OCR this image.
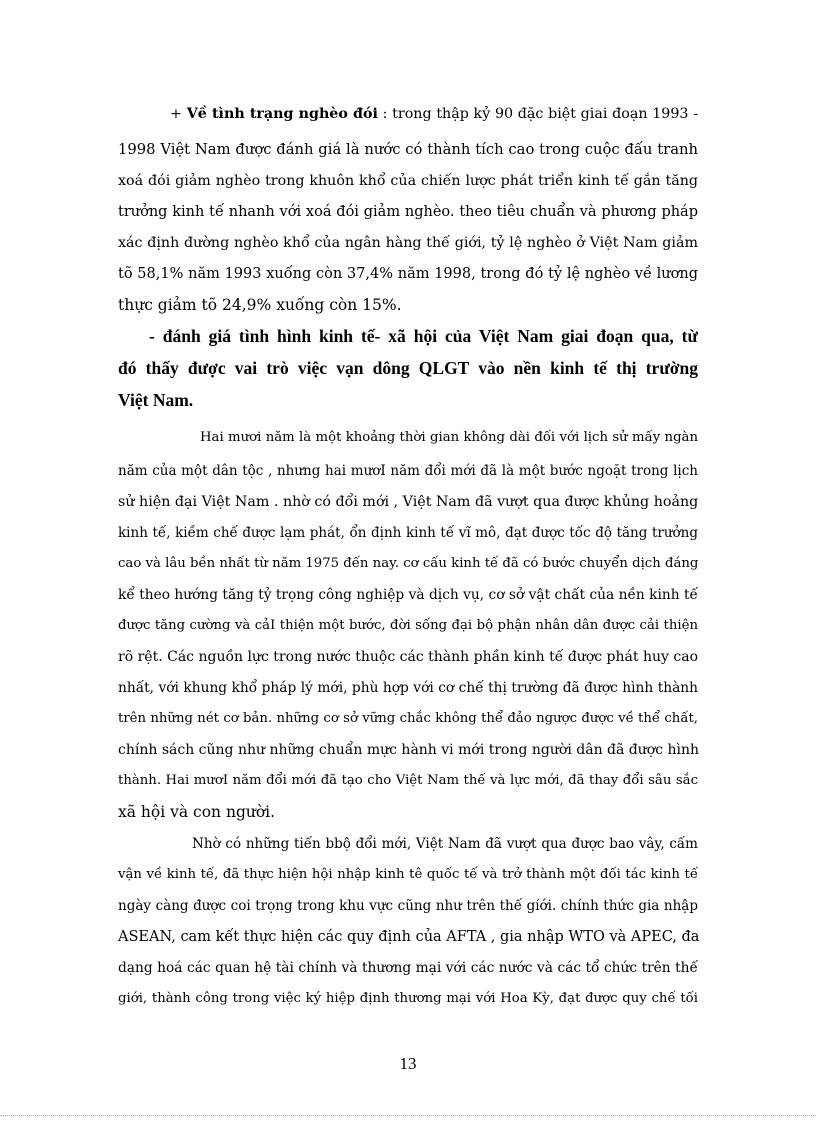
+ Về tình trạng nghèo đói : trong thập kỷ 90 đặc biệt giai đoạn 1993 -
1998 Việt Nam được đánh giá là nước có thành tích cao trong cuộc đấu tranh
xoá đói giảm nghèo trong khuôn khổ của chiến lược phát triển kinh tế gắn tăng
trưởng kinh tế nhanh với xoá đói giảm nghèo. theo tiêu chuẩn và phương pháp
xác định đường nghèo khổ của ngân hàng thế giới, tỷ lệ nghèo ở Việt Nam giảm
tõ 58,1% năm 1993 xuống còn 37,4% năm 1998, trong đó tỷ lệ nghèo về lương
thực giảm tõ 24,9% xuống còn 15%.
- đánh giá tình hình kinh tế- xã hội của Việt Nam giai đoạn qua, từ
đó thấy được vai trò việc vạn dông QLGT vào nền kinh tế thị trường
Việt Nam.
Hai mươi năm là một khoảng thời gian không dài đối với lịch sử mấy ngàn
năm của một dân tộc , nhưng hai mươI năm đổi mới đã là một bước ngoặt trong lịch
sử hiện đại Việt Nam . nhờ có đổi mới , Việt Nam đã vượt qua được khủng hoảng
kinh tế, kiềm chế được lạm phát, ổn định kinh tế vĩ mô, đạt được tốc độ tăng trưởng
cao và lâu bền nhất từ năm 1975 đến nay. cơ cấu kinh tế đã có bước chuyển dịch đáng
kể theo hướng tăng tỷ trọng công nghiệp và dịch vụ, cơ sở vật chất của nền kinh tế
được tăng cường và cảI thiện một bước, đời sống đại bộ phận nhân dân được cải thiện
rõ rệt. Các nguồn lực trong nước thuộc các thành phần kinh tế được phát huy cao
nhất, với khung khổ pháp lý mới, phù hợp với cơ chế thị trường đã được hình thành
trên những nét cơ bản. những cơ sở vững chắc không thể đảo ngược được về thể chất,
chính sách cũng như những chuẩn mực hành vi mới trong người dân đã được hình
thành. Hai mươI năm đổi mới đã tạo cho Việt Nam thế và lực mới, đã thay đổi sâu sắc
xã hội và con người.
Nhờ có những tiến bbộ đổi mới, Việt Nam đã vượt qua được bao vây, cấm
vận về kinh tế, đã thực hiện hội nhập kinh tê quốc tế và trở thành một đối tác kinh tế
ngày càng được coi trọng trong khu vực cũng như trên thế gíới. chính thức gia nhập
ASEAN, cam kết thực hiện các quy định của AFTA , gia nhập WTO và APEC, đa
dạng hoá các quan hệ tài chính và thương mại với các nước và các tổ chức trên thế
giới, thành công trong việc ký hiệp định thương mại với Hoa Kỳ, đạt được quy chế tối
13
